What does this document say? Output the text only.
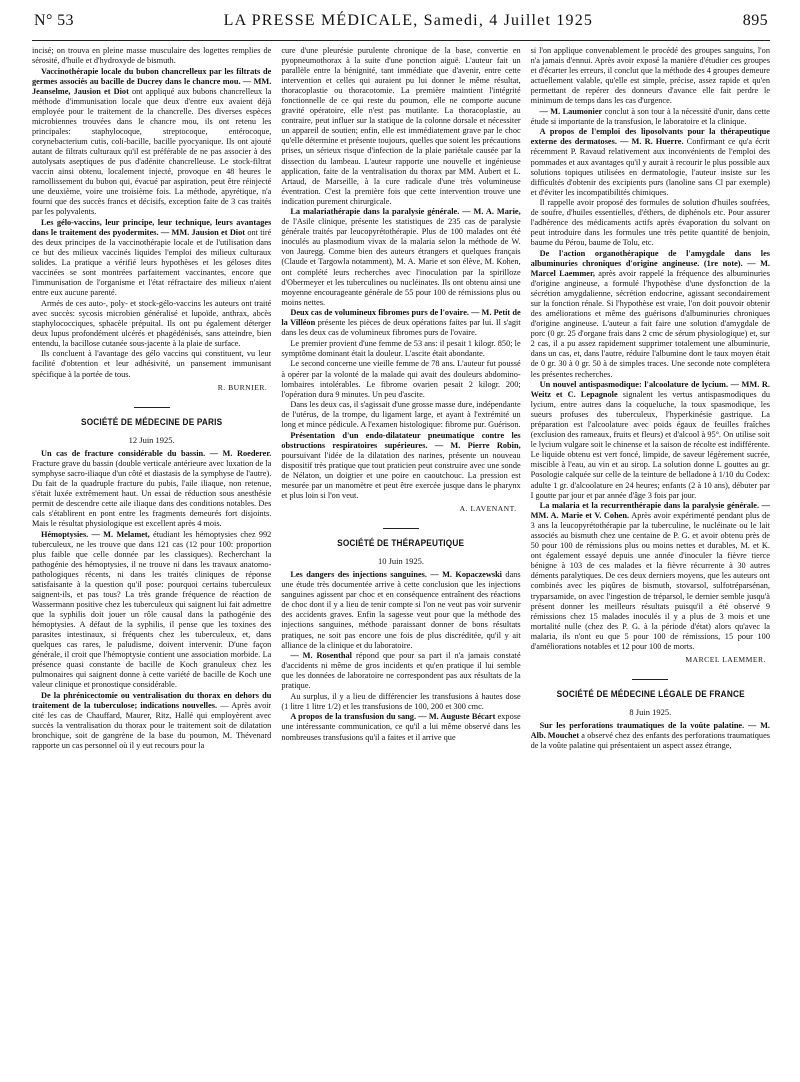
N° 53	LA PRESSE MÉDICALE, Samedi, 4 Juillet 1925	895

incisé; on trouva en pleine masse musculaire des logettes remplies de sérosité, d'huile et d'hydroxyde de bismuth.

Vaccinothérapie locale du bubon chancrelleux par les filtrats de germes associés au bacille de Ducrey dans le chancre mou. — MM. Jeanselme, Jausion et Diot ont appliqué aux bubons chancrelleux la méthode d'immunisation locale que deux d'entre eux avaient déjà employée pour le traitement de la chancrelle. Des diverses espèces microbiennes trouvées dans le chancre mou, ils ont retenu les principales: staphylocoque, streptocoque, entérocoque, corynebacterium cutis, coli-bacille, bacille pyocyanique. Ils ont ajouté autant de filtrats culturaux qu'il est préférable de ne pas associer à des autolysats aseptiques de pus d'adénite chancrelleuse. Le stock-filtrat vaccin ainsi obtenu, localement injecté, provoque en 48 heures le ramollissement du bubon qui, évacué par aspiration, peut être réinjecté une deuxième, voire une troisième fois. La méthode, apyrétique, n'a fourni que des succès francs et décisifs, exception faite de 3 cas traités par les polyvalents.

Les gélo-vaccins, leur principe, leur technique, leurs avantages dans le traitement des pyodermites. — MM. Jausion et Diot ont tiré des deux principes de la vaccinothérapie locale et de l'utilisation dans ce but des milieux vaccinés liquides l'emploi des milieux culturaux solides. La pratique a vérifié leurs hypothèses et les géloses dites vaccinées se sont montrées parfaitement vaccinantes, encore que l'immunisation de l'organisme et l'état réfractaire des milieux n'aient entre eux aucune parenté.

Armés de ces auto-, poly- et stock-gélo-vaccins les auteurs ont traité avec succès: sycosis microbien généralisé et lupoïde, anthrax, abcès staphylococciques, sphacèle prépuital. Ils ont pu également déterger deux lupus profondément ulcérés et phagédénisés, sans atteindre, bien entendu, la bacillose cutanée sous-jacente à la plaie de surface.

Ils concluent à l'avantage des gélo vaccins qui constituent, vu leur facilité d'obtention et leur adhésivité, un pansement immunisant spécifique à la portée de tous.

R. BURNIER.
SOCIÉTÉ DE MÉDECINE DE PARIS
12 Juin 1925.

Un cas de fracture considérable du bassin. — M. Roederer. Fracture grave du bassin (double verticale antérieure avec luxation de la symphyse sacro-iliaque d'un côté et diastasis de la symphyse de l'autre). Du fait de la quadruple fracture du pubis, l'aile iliaque, non retenue, s'était luxée extrêmement haut. Un essai de réduction sous anesthésie permit de descendre cette aile iliaque dans des conditions notables. Des cals s'établirent en pont entre les fragments demeurés fort disjoints. Mais le résultat physiologique est excellent après 4 mois.

Hémoptysies. — M. Melamet, étudiant les hémoptysies chez 992 tuberculeux, ne les trouve que dans 121 cas (12 pour 100: proportion plus faible que celle donnée par les classiques). Recherchant la pathogénie des hémoptysies, il ne trouve ni dans les travaux anatomo-pathologiques récents, ni dans les traités cliniques de réponse satisfaisante à la question qu'il pose: pourquoi certains tuberculeux saignent-ils, et pas tous? La très grande fréquence de réaction de Wassermann positive chez les tuberculeux qui saignent lui fait admettre que la syphilis doit jouer un rôle causal dans la pathogénie des hémoptysies. A défaut de la syphilis, il pense que les toxines des parasites intestinaux, si fréquents chez les tuberculeux, et, dans quelques cas rares, le paludisme, doivent intervenir. D'une façon générale, il croit que l'hémoptysie contient une association morbide. La présence quasi constante de bacille de Koch granuleux chez les pulmonaires qui saignent donne à cette variété de bacille de Koch une valeur clinique et pronostique considérable.

De la phrénicectomie ou ventralisation du thorax en dehors du traitement de la tuberculose; indications nouvelles. — Après avoir cité les cas de Chauffard, Maurer, Ritz, Hallé qui employèrent avec succès la ventralisation du thorax pour le traitement soit de dilatation bronchique, soit de gangrène de la base du poumon, M. Thévenard rapporte un cas personnel où il y eut recours pour la

cure d'une pleurésie purulente chronique de la base, convertie en pyopneumothorax à la suite d'une ponction aiguë. L'auteur fait un parallèle entre la bénignité, tant immédiate que d'avenir, entre cette intervention et celles qui auraient pu lui donner le même résultat, thoracoplastie ou thoracotomie. La première maintient l'intégrité fonctionnelle de ce qui reste du poumon, elle ne comporte aucune gravité opératoire, elle n'est pas mutilante. La thoracoplastie, au contraire, peut influer sur la statique de la colonne dorsale et nécessiter un appareil de soutien; enfin, elle est immédiatement grave par le choc qu'elle détermine et présente toujours, quelles que soient les précautions prises, un sérieux risque d'infection de la plaie pariétale causée par la dissection du lambeau. L'auteur rapporte une nouvelle et ingénieuse application, faite de la ventralisation du thorax par MM. Aubert et L. Artaud, de Marseille, à la cure radicale d'une très volumineuse éventration. C'est la première fois que cette intervention trouve une indication purement chirurgicale.

La malariathérapie dans la paralysie générale. — M. A. Marie, de l'Asile clinique, présente les statistiques de 235 cas de paralysie générale traités par leucopyrétothérapie. Plus de 100 malades ont été inoculés au plasmodium vivax de la malaria selon la méthode de W. von Jauregg. Comme bien des auteurs étrangers et quelques français (Claude et Targowla notamment), M. A. Marie et son élève, M. Kohen, ont complété leurs recherches avec l'inoculation par la spirilloze d'Obermeyer et les tuberculines ou nucléinates. Ils ont obtenu ainsi une moyenne encourageante générale de 55 pour 100 de rémissions plus ou moins nettes.

Deux cas de volumineux fibromes purs de l'ovaire. — M. Petit de la Villéon présente les pièces de deux opérations faites par lui. Il s'agit dans les deux cas de volumineux fibromes purs de l'ovaire.

Le premier provient d'une femme de 53 ans: il pesait 1 kilogr. 850; le symptôme dominant était la douleur. L'ascite était abondante.

Le second concerne une vieille femme de 78 ans. L'auteur fut poussé à opérer par la volonté de la malade qui avait des douleurs abdomino-lombaires intolérables. Le fibrome ovarien pesait 2 kilogr. 200; l'opération dura 9 minutes. Un peu d'ascite.

Dans les deux cas, il s'agissait d'une grosse masse dure, indépendante de l'utérus, de la trompe, du ligament large, et ayant à l'extrémité un long et mince pédicule. A l'examen histologique: fibrome pur. Guérison.

Présentation d'un endo-dilatateur pneumatique contre les obstructions respiratoires supérieures. — M. Pierre Robin, poursuivant l'idée de la dilatation des narines, présente un nouveau dispositif très pratique que tout praticien peut construire avec une sonde de Nélaton, un doigtier et une poire en caoutchouc. La pression est mesurée par un manomètre et peut être exercée jusque dans le pharynx et plus loin si l'on veut.

A. LAVENANT.
SOCIÉTÉ DE THÉRAPEUTIQUE
10 Juin 1925.

Les dangers des injections sanguines. — M. Kopaczewski dans une étude très documentée arrive à cette conclusion que les injections sanguines agissent par choc et en conséquence entraînent des réactions de choc dont il y a lieu de tenir compte si l'on ne veut pas voir survenir des accidents graves. Enfin la sagesse veut pour que la méthode des injections sanguines, méthode paraissant donner de bons résultats pratiques, ne soit pas encore une fois de plus discréditée, qu'il y ait alliance de la clinique et du laboratoire.

— M. Rosenthal répond que pour sa part il n'a jamais constaté d'accidents ni même de gros incidents et qu'en pratique il lui semble que les données de laboratoire ne correspondent pas aux résultats de la pratique.

Au surplus, il y a lieu de différencier les transfusions à hautes dose (1 litre 1 litre 1/2) et les transfusions de 100, 200 et 300 cmc.

A propos de la transfusion du sang. — M. Auguste Bécart expose une intéressante communication, ce qu'il a lui même observé dans les nombreuses transfusions qu'il a faites et il arrive que

si l'on applique convenablement le procédé des groupes sanguins, l'on n'a jamais d'ennui. Après avoir exposé la manière d'étudier ces groupes et d'écarter les erreurs, il conclut que la méthode des 4 groupes demeure actuellement valable, qu'elle est simple, précise, assez rapide et qu'en permettant de repérer des donneurs d'avance elle fait perdre le minimum de temps dans les cas d'urgence.

— M. Laumonier conclut à son tour à la nécessité d'unir, dans cette étude si importante de la transfusion, le laboratoire et la clinique.

A propos de l'emploi des liposolvants pour la thérapeutique externe des dermatoses. — M. R. Huerre. Confirmant ce qu'a écrit récemment P. Ravaud relativement aux inconvénients de l'emploi des pommades et aux avantages qu'il y aurait à recourir le plus possible aux solutions topiques utilisées en dermatologie, l'auteur insiste sur les difficultés d'obtenir des excipients purs (lanoline sans Cl par exemple) et d'éviter les incompatibilités chimiques.

Il rappelle avoir proposé des formules de solution d'huiles soufrées, de soufre, d'huiles essentielles, d'éthers, de diphénols etc. Pour assurer l'adhérence des médicaments actifs après évaporation du solvant on peut introduire dans les formules une très petite quantité de benjoin, baume du Pérou, baume de Tolu, etc.

De l'action organothérapique de l'amygdale dans les albuminuries chroniques d'origine angineuse. (1re note). — M. Marcel Laemmer, après avoir rappelé la fréquence des albuminuries d'origine angineuse, a formulé l'hypothèse d'une dysfonction de la sécrétion amygdalienne, sécrétion endocrine, agissant secondairement sur la fonction rénale. Si l'hypothèse est vraie, l'on doit pouvoir obtenir des améliorations et même des guérisons d'albuminuries chroniques d'origine angineuse. L'auteur a fait faire une solution d'amygdale de porc (0 gr. 25 d'organe frais dans 2 cmc de sérum physiologique) et, sur 2 cas, il a pu assez rapidement supprimer totalement une albuminurie, dans un cas, et, dans l'autre, réduire l'albumine dont le taux moyen était de 0 gr. 30 à 0 gr. 50 à de simples traces. Une seconde note complétera les présentes recherches.

Un nouvel antispasmodique: l'alcoolature de lycium. — MM. R. Weitz et C. Lepagnole signalent les vertus antispasmodiques du lycium, entre autres dans la coqueluche, la toux spasmodique, les sueurs profuses des tuberculeux, l'hyperkinésie gastrique. La préparation est l'alcoolature avec poids égaux de feuilles fraîches (exclusion des rameaux, fruits et fleurs) et d'alcool à 95°. On utilise soit le lycium vulgare soit le chinense et la saison de récolte est indifférente. Le liquide obtenu est vert foncé, limpide, de saveur légèrement sucrée, miscible à l'eau, au vin et au sirop. La solution donne L gouttes au gr. Posologie calquée sur celle de la teinture de belladone à 1/10 du Codex: adulte 1 gr. d'alcoolature en 24 heures; enfants (2 à 10 ans), débuter par I goutte par jour et par année d'âge 3 fois par jour.

La malaria et la recurrenthérapie dans la paralysie générale. — MM. A. Marie et V. Cohen. Après avoir expérimenté pendant plus de 3 ans la leucopyrétothérapie par la tuberculine, le nucléinate ou le lait associés au bismuth chez une centaine de P. G. et avoir obtenu près de 50 pour 100 de rémissions plus ou moins nettes et durables, M. et K. ont également essayé depuis une année d'inoculer la fièvre tierce bénigne à 103 de ces malades et la fièvre récurrente à 30 autres déments paralytiques. De ces deux derniers moyens, que les auteurs ont combinés avec les piqûres de bismuth, stovarsol, sulfotréparsénan, tryparsamide, on avec l'ingestion de tréparsol, le dernier semble jusqu'à présent donner les meilleurs résultats puisqu'il a été observé 9 rémissions chez 15 malades inoculés il y a plus de 3 mois et une mortalité nulle (chez des P. G. à la période d'état) alors qu'avec la malaria, ils n'ont eu que 5 pour 100 de rémissions, 15 pour 100 d'améliorations notables et 12 pour 100 de morts.

MARCEL LAEMMER.
SOCIÉTÉ DE MÉDECINE LÉGALE DE FRANCE
8 Juin 1925.

Sur les perforations traumatiques de la voûte palatine. — M. Alb. Mouchet a observé chez des enfants des perforations traumatiques de la voûte palatine qui présentaient un aspect assez étrange,
